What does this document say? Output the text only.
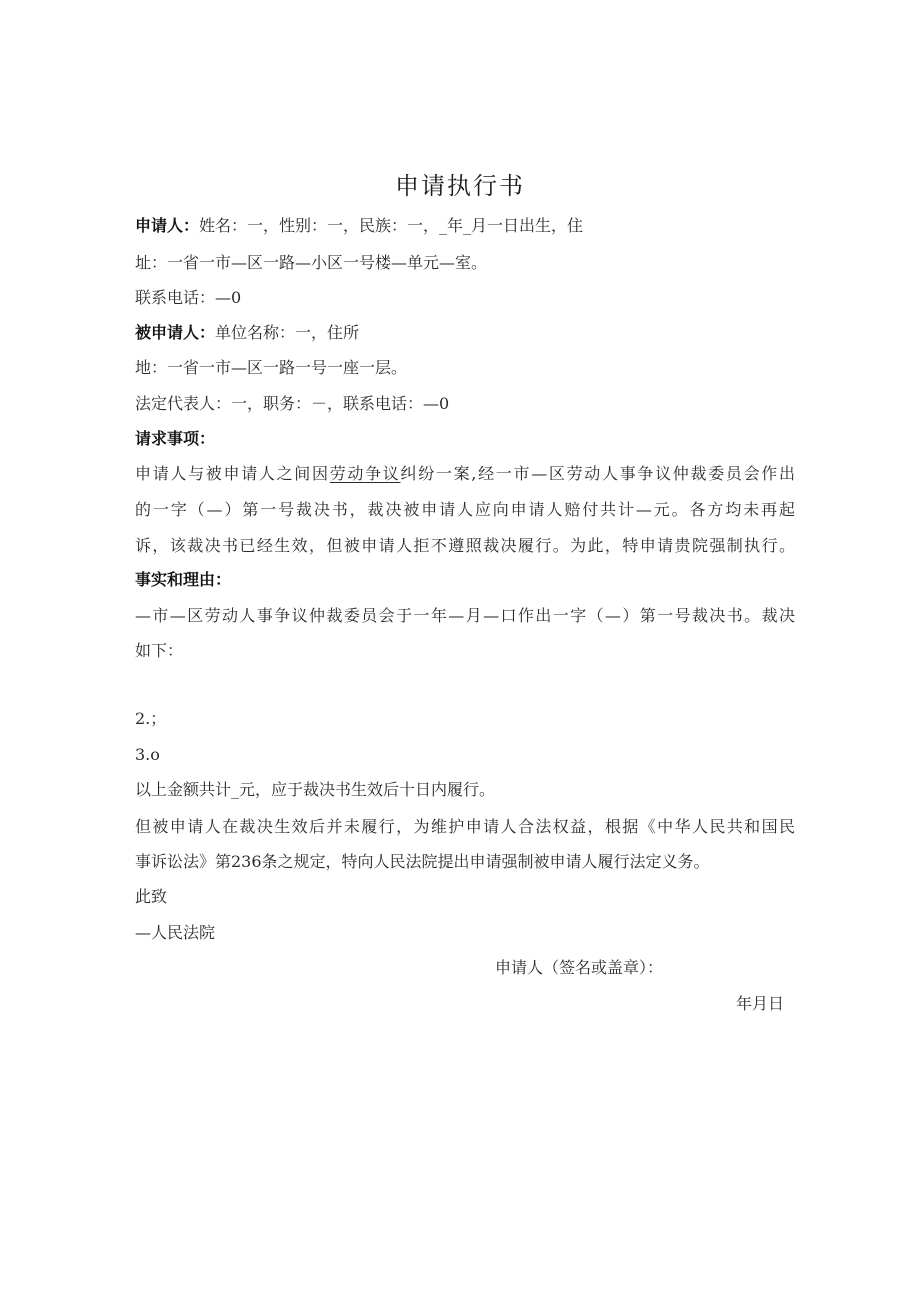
申请执行书
申请人：姓名：一，性别：一，民族：一，_年_月一日出生，住
址：一省一市—区一路—小区一号楼—单元—室。
联系电话：—0
被申请人：单位名称：一，住所
地：一省一市—区一路一号一座一层。
法定代表人：一，职务：－，联系电话：—0
请求事项：
申请人与被申请人之间因劳动争议纠纷一案,经一市—区劳动人事争议仲裁委员会作出
的一字（—）第一号裁决书，裁决被申请人应向申请人赔付共计—元。各方均未再起
诉，该裁决书已经生效，但被申请人拒不遵照裁决履行。为此，特申请贵院强制执行。
事实和理由：
—市—区劳动人事争议仲裁委员会于一年—月—口作出一字（—）第一号裁决书。裁决
如下：
2.；
3.o
以上金额共计_元，应于裁决书生效后十日内履行。
但被申请人在裁决生效后并未履行，为维护申请人合法权益，根据《中华人民共和国民
事诉讼法》第236条之规定，特向人民法院提出申请强制被申请人履行法定义务。
此致
—人民法院
申请人（签名或盖章）：
年月日
